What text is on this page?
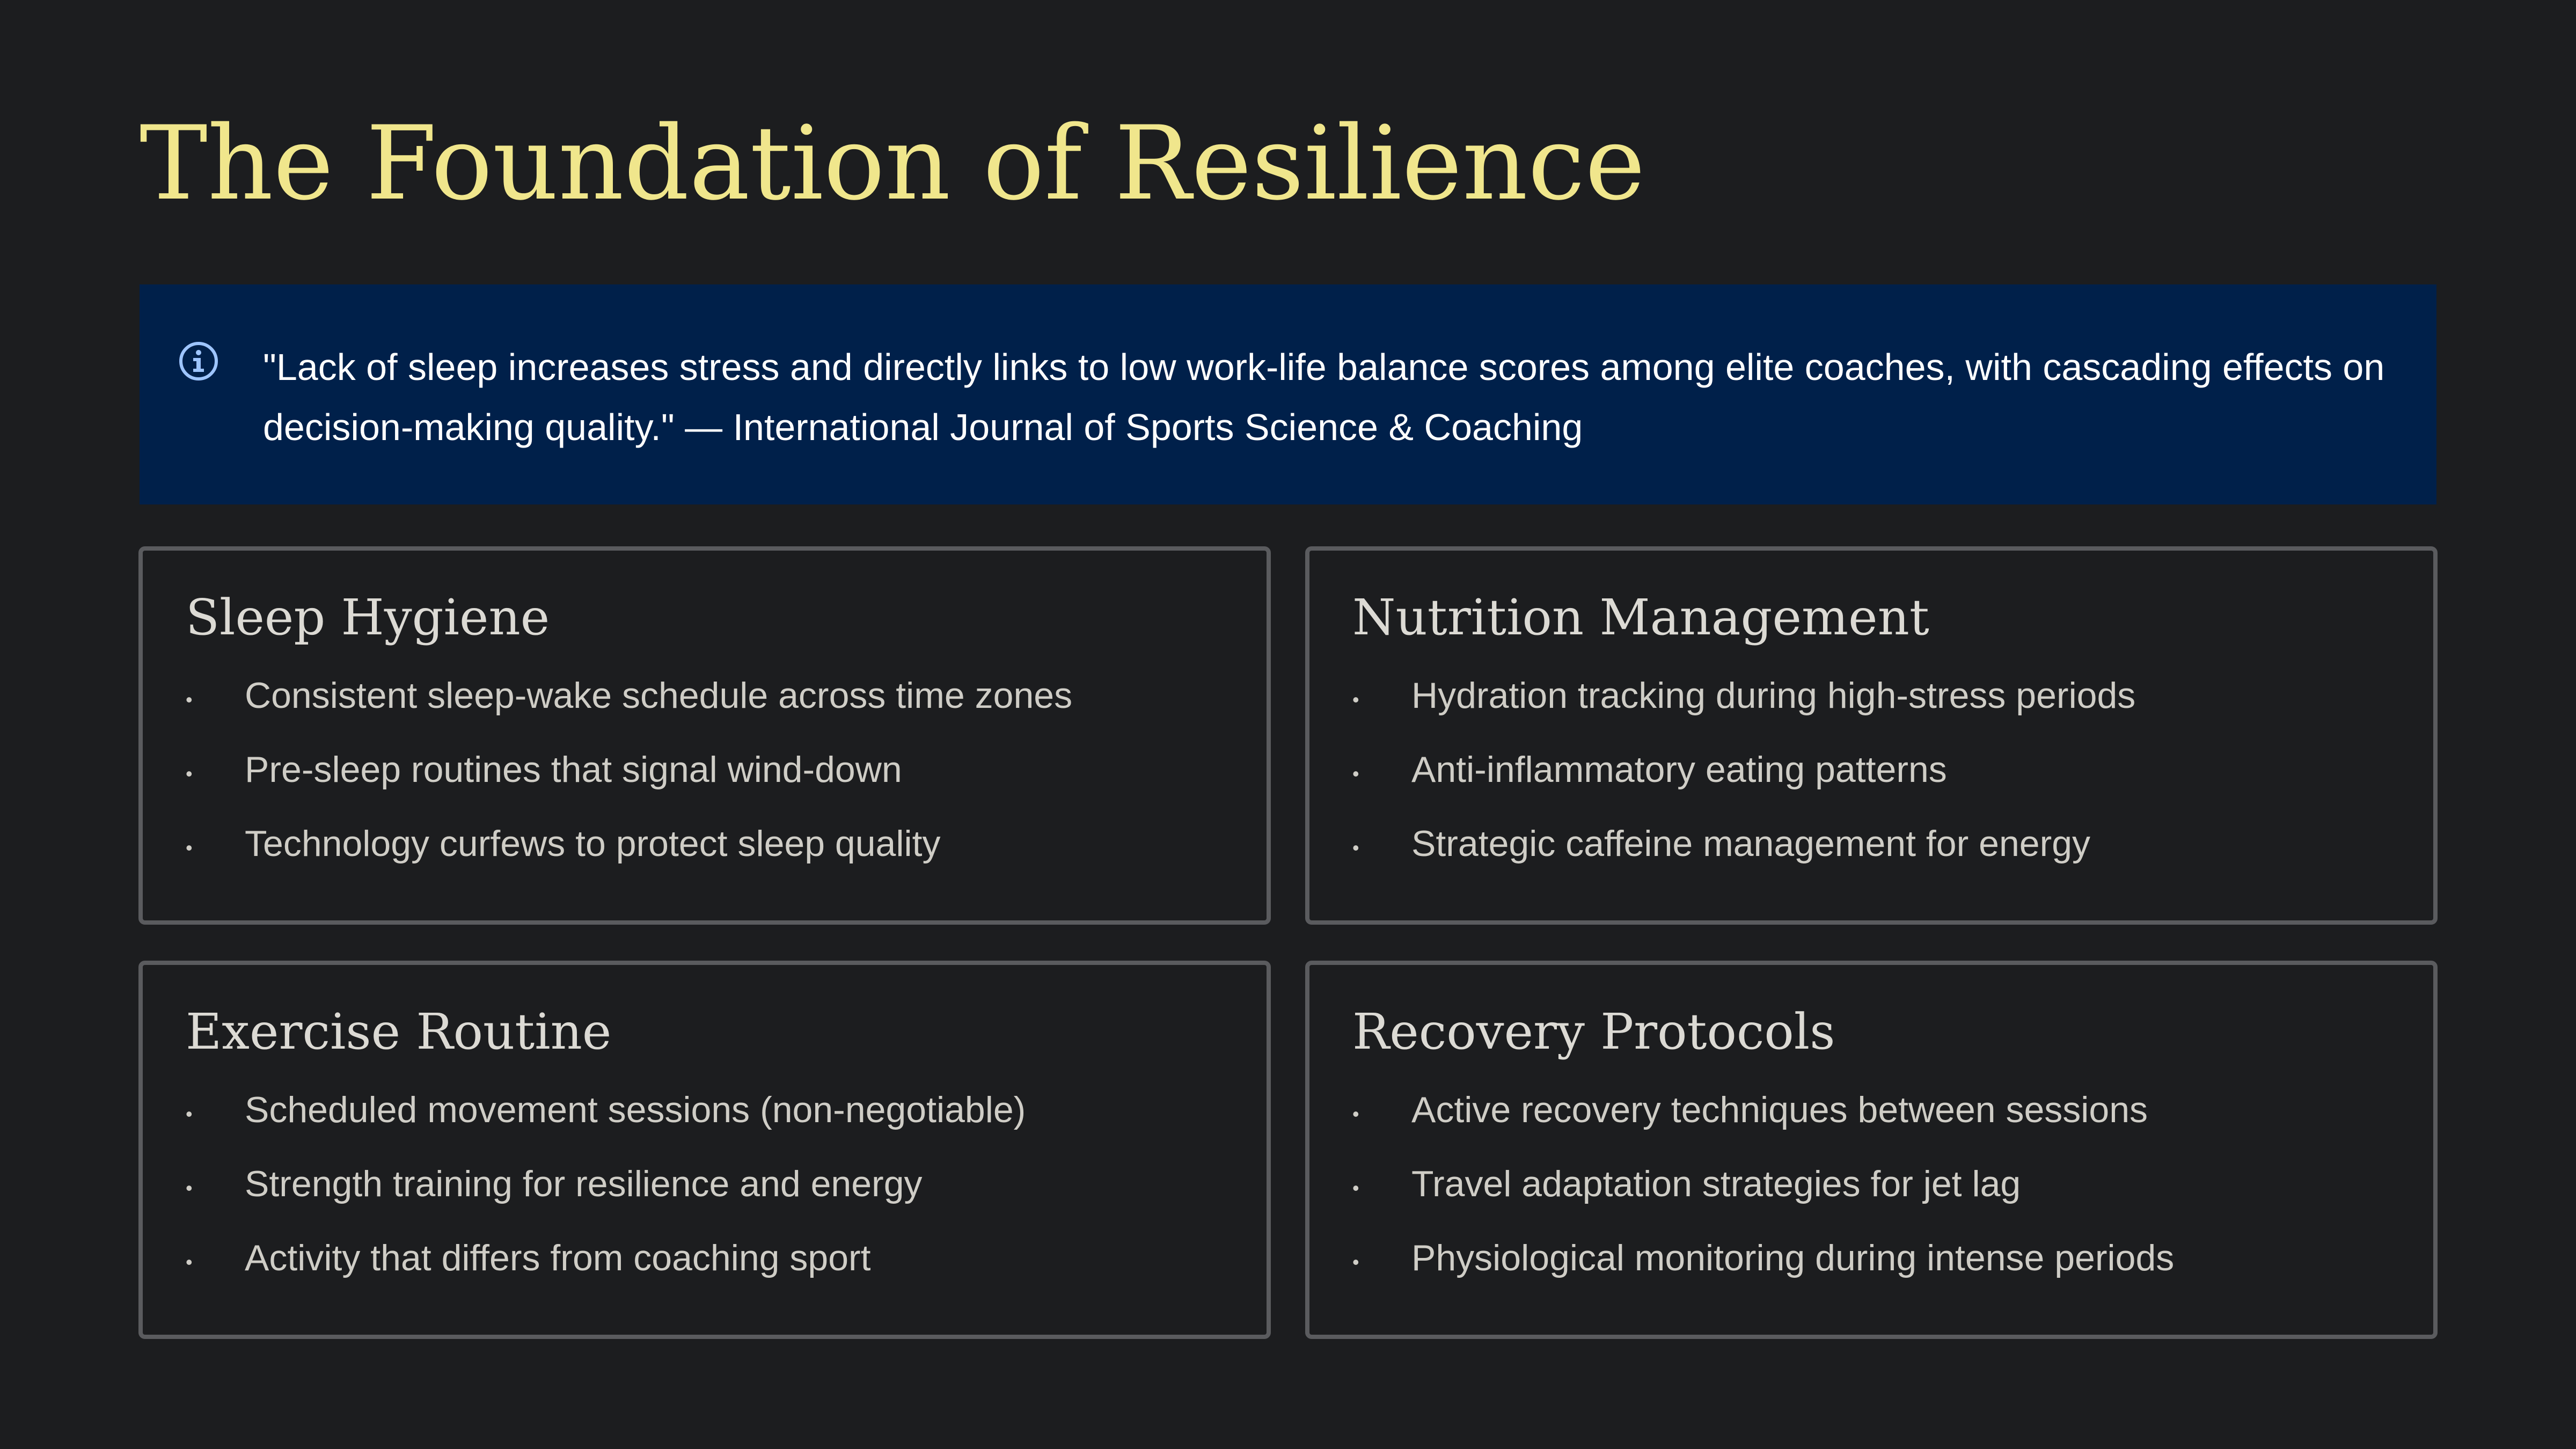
The Foundation of Resilience

"Lack of sleep increases stress and directly links to low work-life balance scores among elite coaches, with cascading effects on decision-making quality." — International Journal of Sports Science & Coaching

Sleep Hygiene
• Consistent sleep-wake schedule across time zones
• Pre-sleep routines that signal wind-down
• Technology curfews to protect sleep quality
Nutrition Management
• Hydration tracking during high-stress periods
• Anti-inflammatory eating patterns
• Strategic caffeine management for energy
Exercise Routine
• Scheduled movement sessions (non-negotiable)
• Strength training for resilience and energy
• Activity that differs from coaching sport
Recovery Protocols
• Active recovery techniques between sessions
• Travel adaptation strategies for jet lag
• Physiological monitoring during intense periods
